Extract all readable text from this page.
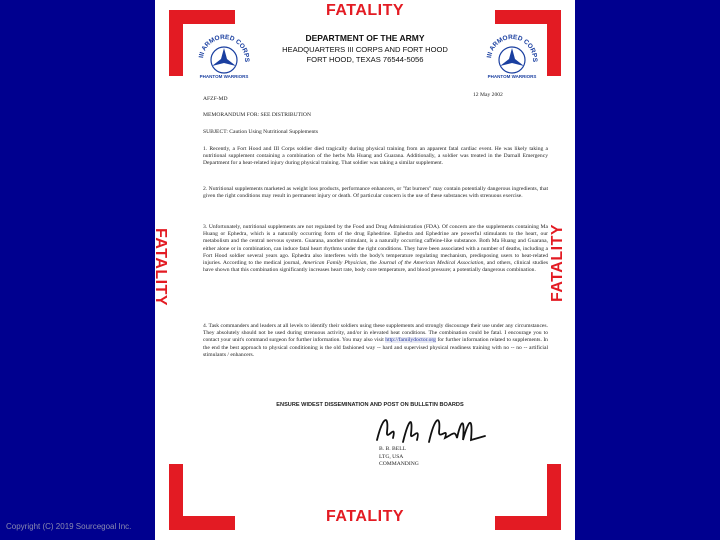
FATALITY
FATALITY
FATALITY	FATALITY
III ARMORED CORPS
PHANTOM WARRIORS
III ARMORED CORPS
PHANTOM WARRIORS
DEPARTMENT OF THE ARMY
HEADQUARTERS III CORPS AND FORT HOOD
FORT HOOD, TEXAS 76544-5056
AFZF-MD
12 May 2002
MEMORANDUM FOR: SEE DISTRIBUTION
SUBJECT: Caution Using Nutritional Supplements
1. Recently, a Fort Hood and III Corps soldier died tragically during physical training from an apparent fatal cardiac event. He was likely taking a nutritional supplement containing a combination of the herbs Ma Huang and Guarana. Additionally, a soldier was treated in the Darnall Emergency Department for a heat-related injury during physical training. That soldier was taking a similar supplement.
2. Nutritional supplements marketed as weight loss products, performance enhancers, or "fat burners" may contain potentially dangerous ingredients, that given the right conditions may result in permanent injury or death. Of particular concern is the use of these substances with strenuous exercise.
3. Unfortunately, nutritional supplements are not regulated by the Food and Drug Administration (FDA). Of concern are the supplements containing Ma Huang or Ephedra, which is a naturally occurring form of the drug Ephedrine. Ephedra and Ephedrine are powerful stimulants to the heart, our metabolism and the central nervous system. Guarana, another stimulant, is a naturally occurring caffeine-like substance. Both Ma Huang and Guarana, either alone or in combination, can induce fatal heart rhythms under the right conditions. They have been associated with a number of deaths, including a Fort Hood soldier several years ago. Ephedra also interferes with the body's temperature regulating mechanism, predisposing users to heat-related injuries. According to the medical journal, American Family Physician, the Journal of the American Medical Association, and others, clinical studies have shown that this combination significantly increases heart rate, body core temperature, and blood pressure; a potentially dangerous combination.
4. Task commanders and leaders at all levels to identify their soldiers using these supplements and strongly discourage their use under any circumstances. They absolutely should not be used during strenuous activity, and/or in elevated heat conditions. The combination could be fatal. I encourage you to contact your unit's command surgeon for further information. You may also visit http://familydoctor.org for further information related to supplements. In the end the best approach to physical conditioning is the old fashioned way -- hard and supervised physical readiness training with no -- no -- artificial stimulants / enhancers.
ENSURE WIDEST DISSEMINATION AND POST ON BULLETIN BOARDS
B. B. Bell
B. B. BELL
LTG, USA
COMMANDING
Copyright (C) 2019 Sourcegoal Inc.
